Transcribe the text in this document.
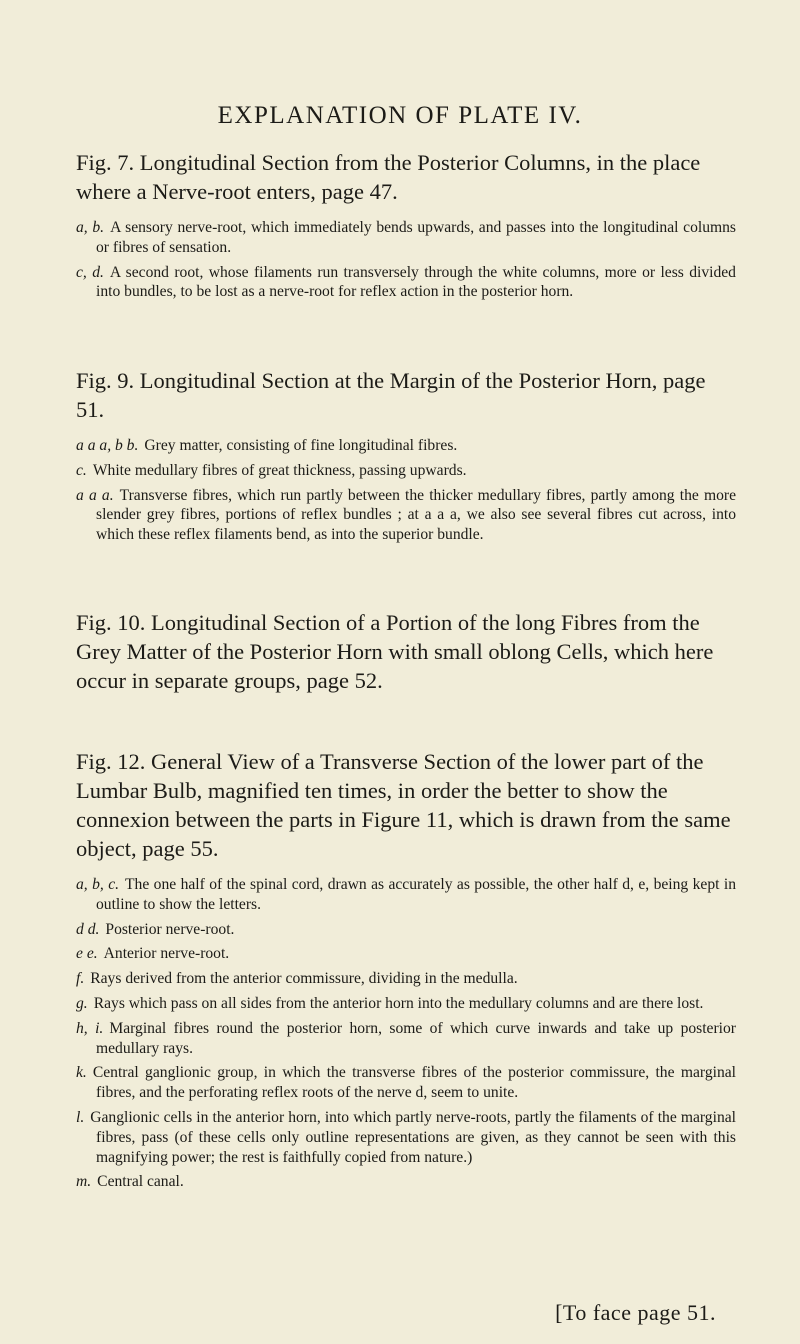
EXPLANATION OF PLATE IV.

Fig. 7. Longitudinal Section from the Posterior Columns, in the place where a Nerve-root enters, page 47.

a, b. A sensory nerve-root, which immediately bends upwards, and passes into the longitudinal columns or fibres of sensation.
c, d. A second root, whose filaments run transversely through the white columns, more or less divided into bundles, to be lost as a nerve-root for reflex action in the posterior horn.

Fig. 9. Longitudinal Section at the Margin of the Posterior Horn, page 51.

a a a, b b. Grey matter, consisting of fine longitudinal fibres.
c. White medullary fibres of great thickness, passing upwards.
a a a. Transverse fibres, which run partly between the thicker medullary fibres, partly among the more slender grey fibres, portions of reflex bundles ; at a a a, we also see several fibres cut across, into which these reflex filaments bend, as into the superior bundle.

Fig. 10. Longitudinal Section of a Portion of the long Fibres from the Grey Matter of the Posterior Horn with small oblong Cells, which here occur in separate groups, page 52.

Fig. 12. General View of a Transverse Section of the lower part of the Lumbar Bulb, magnified ten times, in order the better to show the connexion between the parts in Figure 11, which is drawn from the same object, page 55.

a, b, c. The one half of the spinal cord, drawn as accurately as possible, the other half d, e, being kept in outline to show the letters.
d d. Posterior nerve-root.
e e. Anterior nerve-root.
f. Rays derived from the anterior commissure, dividing in the medulla.
g. Rays which pass on all sides from the anterior horn into the medullary columns and are there lost.
h, i. Marginal fibres round the posterior horn, some of which curve inwards and take up posterior medullary rays.
k. Central ganglionic group, in which the transverse fibres of the posterior commissure, the marginal fibres, and the perforating reflex roots of the nerve d, seem to unite.
l. Ganglionic cells in the anterior horn, into which partly nerve-roots, partly the filaments of the marginal fibres, pass (of these cells only outline representations are given, as they cannot be seen with this magnifying power; the rest is faithfully copied from nature.)
m. Central canal.
[To face page 51.
